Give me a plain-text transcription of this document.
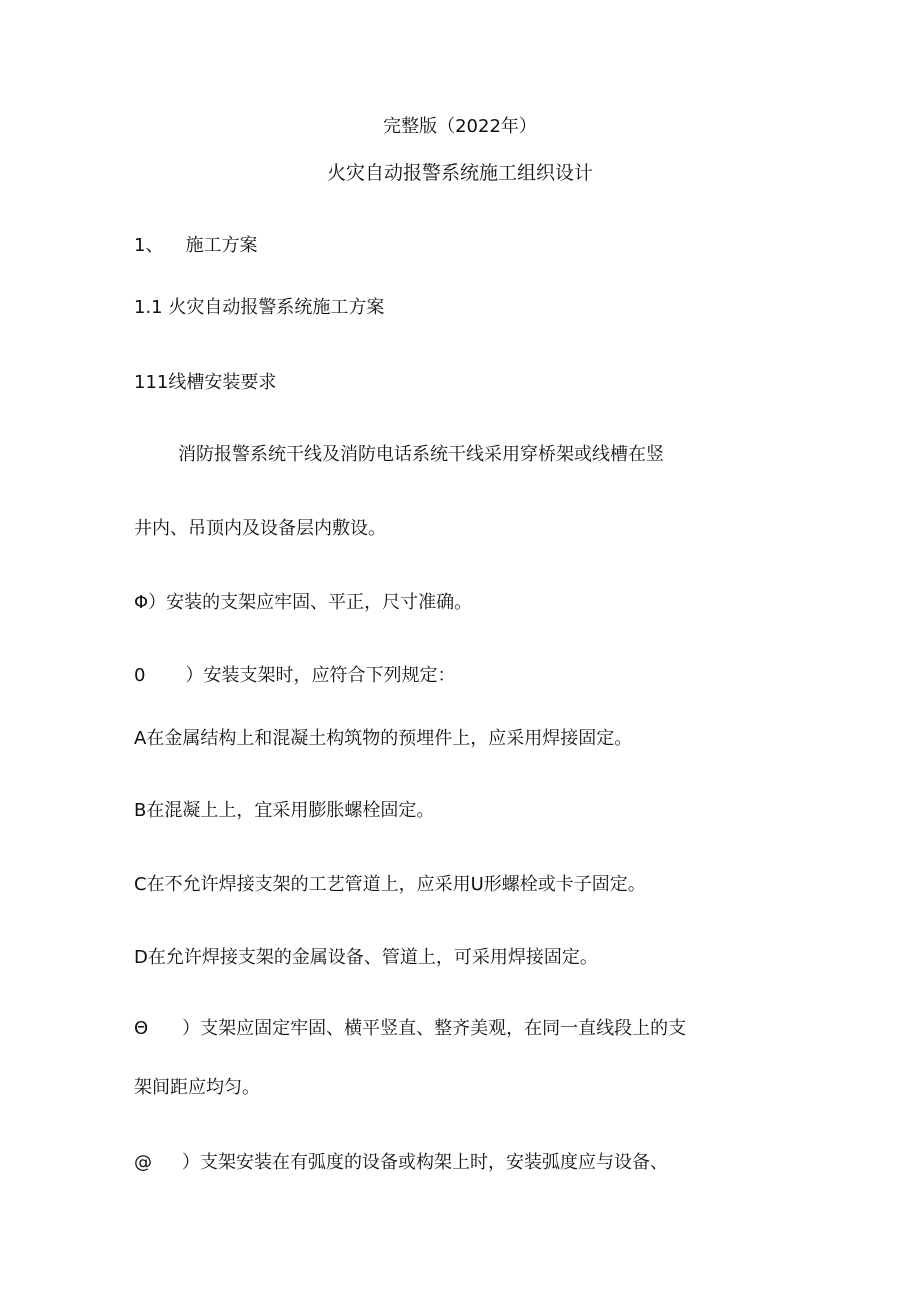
完整版（2022年）
火灾自动报警系统施工组织设计
1、 施工方案
1.1 火灾自动报警系统施工方案
111线槽安装要求
消防报警系统干线及消防电话系统干线采用穿桥架或线槽在竖
井内、吊顶内及设备层内敷设。
Φ）安装的支架应牢固、平正，尺寸准确。
0 ）安装支架时，应符合下列规定：
A在金属结构上和混凝土构筑物的预埋件上，应采用焊接固定。
B在混凝上上，宜采用膨胀螺栓固定。
C在不允许焊接支架的工艺管道上，应采用U形螺栓或卡子固定。
D在允许焊接支架的金属设备、管道上，可采用焊接固定。
Θ ）支架应固定牢固、横平竖直、整齐美观，在同一直线段上的支
架间距应均匀。
@ ）支架安装在有弧度的设备或构架上时，安装弧度应与设备、
